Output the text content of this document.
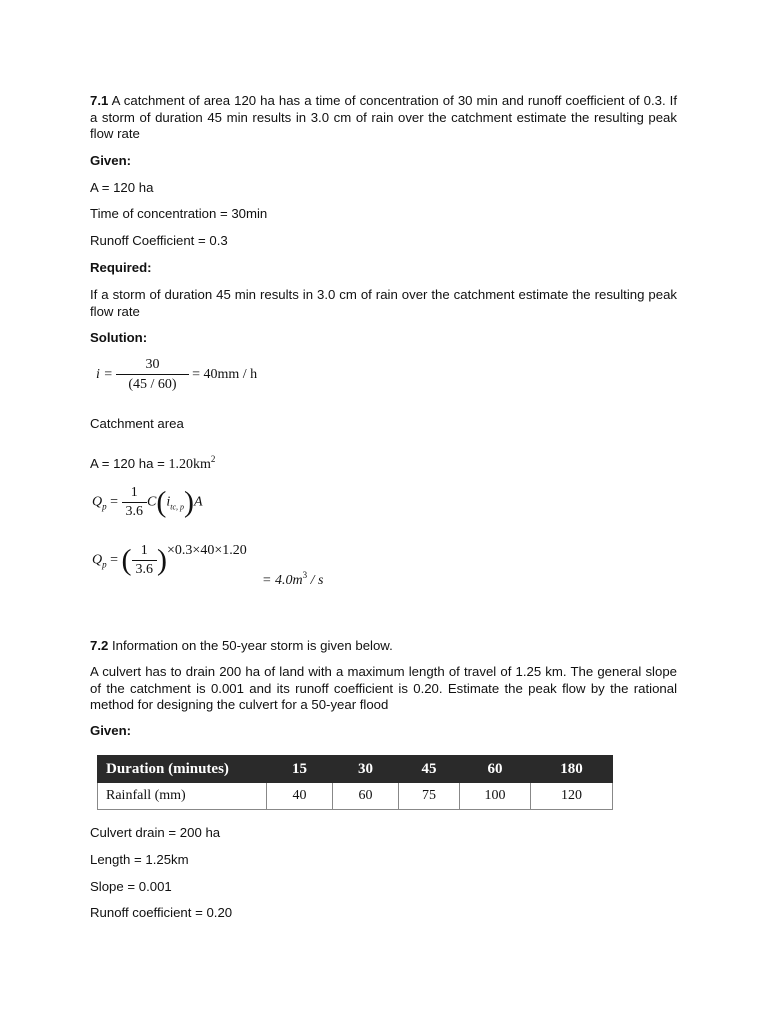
7.1 A catchment of area 120 ha has a time of concentration of 30 min and runoff coefficient of 0.3. If a storm of duration 45 min results in 3.0 cm of rain over the catchment estimate the resulting peak flow rate

Given:

A = 120 ha

Time of concentration = 30min

Runoff Coefficient = 0.3

Required:

If a storm of duration 45 min results in 3.0 cm of rain over the catchment estimate the resulting peak flow rate

Solution:

$i = \frac{30}{(45 / 60)} = 40mm / h$

Catchment area

A = 120 ha = $1.20km^2$

$Q_p = \frac{1}{3.6} C(i_{tc, p})A$
$Q_p$ = ( $\frac{1}{3.6} )\times 0.3\times 40\times 1.20$
= $4.0m^3$ / s

7.2 Information on the 50-year storm is given below.

A culvert has to drain 200 ha of land with a maximum length of travel of 1.25 km. The general slope of the catchment is 0.001 and its runoff coefficient is 0.20. Estimate the peak flow by the rational method for designing the culvert for a 50-year flood

Given:

Duration (minutes)	15	30	45	60	180
Rainfall (mm)	40	60	75	100	120

Culvert drain = 200 ha

Length = 1.25km

Slope = 0.001

Runoff coefficient = 0.20
